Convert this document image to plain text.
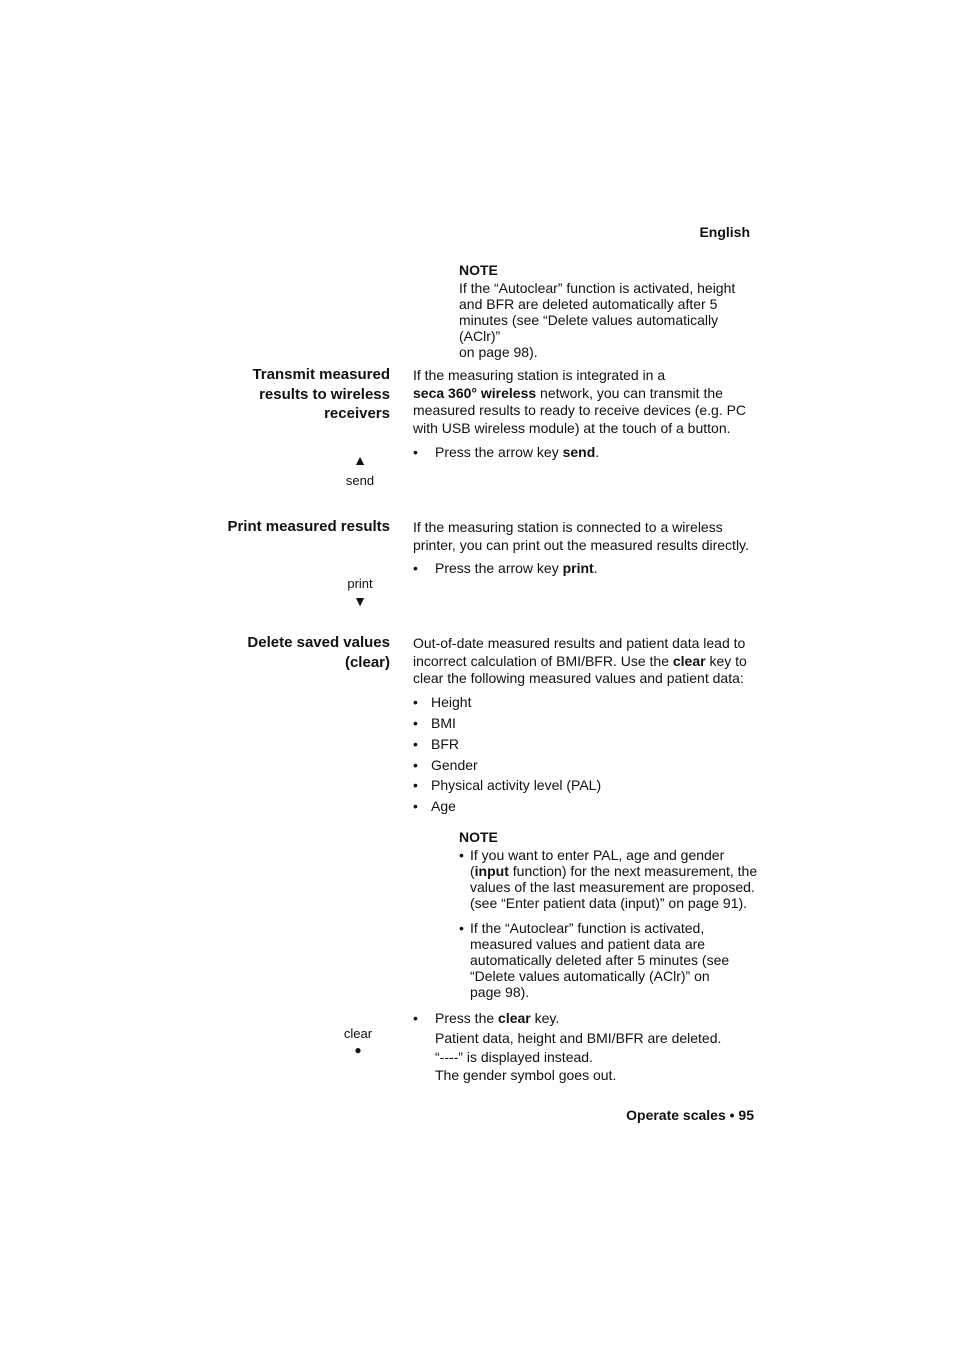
English
NOTE
If the “Autoclear” function is activated, height
and BFR are deleted automatically after 5
minutes (see “Delete values automatically (AClr)”
on page 98).
Transmit measured
results to wireless
receivers
If the measuring station is integrated in a
seca 360° wireless network, you can transmit the
measured results to ready to receive devices (e.g. PC
with USB wireless module) at the touch of a button.
• Press the arrow key send.
▲
send
Print measured results If the measuring station is connected to a wireless
printer, you can print out the measured results directly.
• Press the arrow key print.
print
▼
Delete saved values
(clear)
Out-of-date measured results and patient data lead to
incorrect calculation of BMI/BFR. Use the clear key to
clear the following measured values and patient data:
• Height
• BMI
• BFR
• Gender
• Physical activity level (PAL)
• Age
NOTE
• If you want to enter PAL, age and gender
(input function) for the next measurement, the
values of the last measurement are proposed.
(see “Enter patient data (input)” on page 91).
• If the “Autoclear” function is activated,
measured values and patient data are
automatically deleted after 5 minutes (see
“Delete values automatically (AClr)” on
page 98).
• Press the clear key.
Patient data, height and BMI/BFR are deleted.
“----” is displayed instead.
The gender symbol goes out.
clear
●
Operate scales • 95
